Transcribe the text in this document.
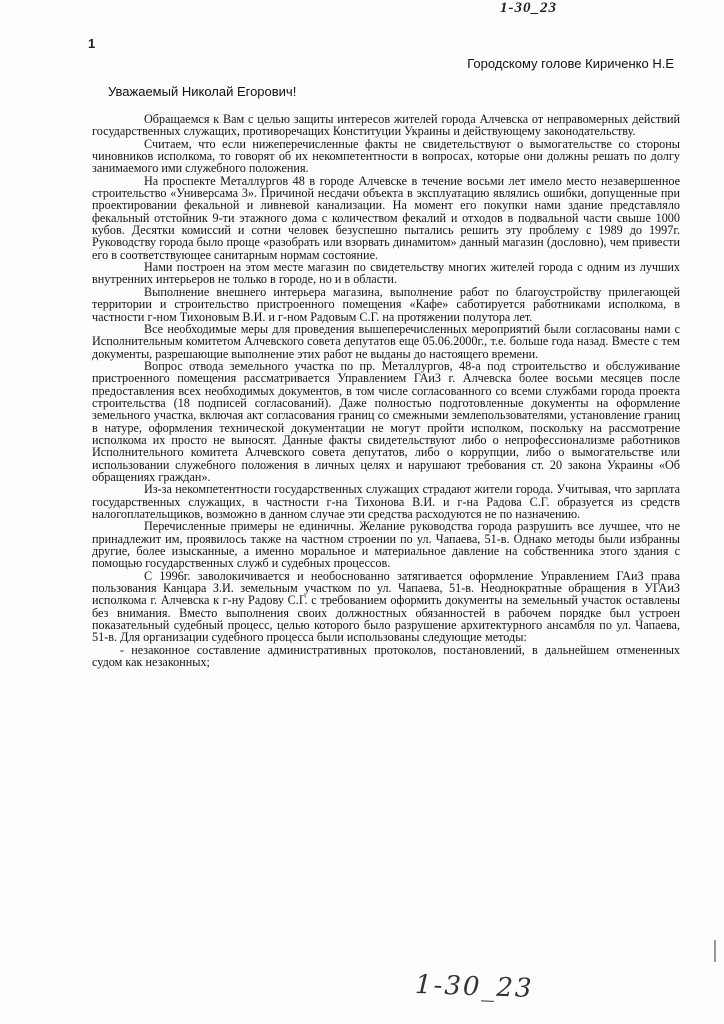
1-30_23
1
Городскому голове Кириченко Н.Е
Уважаемый Николай Егорович!

Обращаемся к Вам с целью защиты интересов жителей города Алчевска от неправомерных действий государственных служащих, противоречащих Конституции Украины и действующему законодательству.

Считаем, что если нижеперечисленные факты не свидетельствуют о вымогательстве со стороны чиновников исполкома, то говорят об их некомпетентности в вопросах, которые они должны решать по долгу занимаемого ими служебного положения.

На проспекте Металлургов 48 в городе Алчевске в течение восьми лет имело место незавершенное строительство «Универсама 3». Причиной несдачи объекта в эксплуатацию являлись ошибки, допущенные при проектировании фекальной и ливневой канализации. На момент его покупки нами здание представляло фекальный отстойник 9-ти этажного дома с количеством фекалий и отходов в подвальной части свыше 1000 кубов. Десятки комиссий и сотни человек безуспешно пытались решить эту проблему с 1989 до 1997г. Руководству города было проще «разобрать или взорвать динамитом» данный магазин (дословно), чем привести его в соответствующее санитарным нормам состояние.

Нами построен на этом месте магазин по свидетельству многих жителей города с одним из лучших внутренних интерьеров не только в городе, но и в области.

Выполнение внешнего интерьера магазина, выполнение работ по благоустройству прилегающей территории и строительство пристроенного помещения «Кафе» саботируется работниками исполкома, в частности г-ном Тихоновым В.И. и г-ном Радовым С.Г. на протяжении полутора лет.

Все необходимые меры для проведения вышеперечисленных мероприятий были согласованы нами с Исполнительным комитетом Алчевского совета депутатов еще 05.06.2000г., т.е. больше года назад. Вместе с тем документы, разрешающие выполнение этих работ не выданы до настоящего времени.

Вопрос отвода земельного участка по пр. Металлургов, 48-а под строительство и обслуживание пристроенного помещения рассматривается Управлением ГАиЗ г. Алчевска более восьми месяцев после предоставления всех необходимых документов, в том числе согласованного со всеми службами города проекта строительства (18 подписей согласований). Даже полностью подготовленные документы на оформление земельного участка, включая акт согласования границ со смежными землепользователями, установление границ в натуре, оформления технической документации не могут пройти исполком, поскольку на рассмотрение исполкома их просто не выносят. Данные факты свидетельствуют либо о непрофессионализме работников Исполнительного комитета Алчевского совета депутатов, либо о коррупции, либо о вымогательстве или использовании служебного положения в личных целях и нарушают требования ст. 20 закона Украины «Об обращениях граждан».

Из-за некомпетентности государственных служащих страдают жители города. Учитывая, что зарплата государственных служащих, в частности г-на Тихонова В.И. и г-на Радова С.Г. образуется из средств налогоплательщиков, возможно в данном случае эти средства расходуются не по назначению.

Перечисленные примеры не единичны. Желание руководства города разрушить все лучшее, что не принадлежит им, проявилось также на частном строении по ул. Чапаева, 51-в. Однако методы были избранны другие, более изысканные, а именно моральное и материальное давление на собственника этого здания с помощью государственных служб и судебных процессов.

С 1996г. заволокичивается и необоснованно затягивается оформление Управлением ГАиЗ права пользования Канцара З.И. земельным участком по ул. Чапаева, 51-в. Неоднократные обращения в УГАиЗ исполкома г. Алчевска к г-ну Радову С.Г. с требованием оформить документы на земельный участок оставлены без внимания. Вместо выполнения своих должностных обязанностей в рабочем порядке был устроен показательный судебный процесс, целью которого было разрушение архитектурного ансамбля по ул. Чапаева, 51-в. Для организации судебного процесса были использованы следующие методы:

- незаконное составление административных протоколов, постановлений, в дальнейшем отмененных судом как незаконных;

1-30_23
